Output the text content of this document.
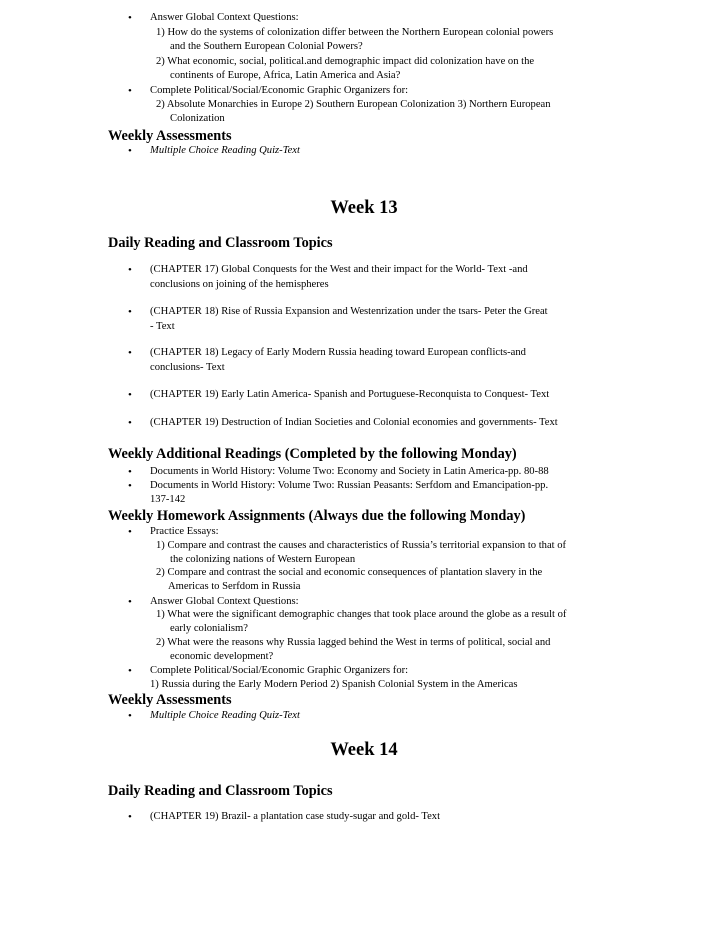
• Answer Global Context Questions:
1) How do the systems of colonization differ between the Northern European colonial powers
and the Southern European Colonial Powers?
2) What economic, social, political.and demographic impact did colonization have on the
continents of Europe, Africa, Latin America and Asia?
• Complete Political/Social/Economic Graphic Organizers for:
2) Absolute Monarchies in Europe 2) Southern European Colonization 3) Northern European
Colonization
Weekly Assessments
• Multiple Choice Reading Quiz-Text
Week 13
Daily Reading and Classroom Topics
• (CHAPTER 17) Global Conquests for the West and their impact for the World- Text -and
conclusions on joining of the hemispheres
• (CHAPTER 18) Rise of Russia Expansion and Westenrization under the tsars- Peter the Great
- Text
• (CHAPTER 18) Legacy of Early Modern Russia heading toward European conflicts-and
conclusions- Text
• (CHAPTER 19) Early Latin America- Spanish and Portuguese-Reconquista to Conquest- Text
• (CHAPTER 19) Destruction of Indian Societies and Colonial economies and governments- Text
Weekly Additional Readings (Completed by the following Monday)
• Documents in World History: Volume Two: Economy and Society in Latin America-pp. 80-88
• Documents in World History: Volume Two: Russian Peasants: Serfdom and Emancipation-pp.
137-142
Weekly Homework Assignments (Always due the following Monday)
• Practice Essays:
1) Compare and contrast the causes and characteristics of Russia’s territorial expansion to that of
the colonizing nations of Western European
2) Compare and contrast the social and economic consequences of plantation slavery in the
Americas to Serfdom in Russia
• Answer Global Context Questions:
1) What were the significant demographic changes that took place around the globe as a result of
early colonialism?
2) What were the reasons why Russia lagged behind the West in terms of political, social and
economic development?
• Complete Political/Social/Economic Graphic Organizers for:
1) Russia during the Early Modern Period 2) Spanish Colonial System in the Americas
Weekly Assessments
• Multiple Choice Reading Quiz-Text
Week 14
Daily Reading and Classroom Topics
• (CHAPTER 19) Brazil- a plantation case study-sugar and gold- Text
